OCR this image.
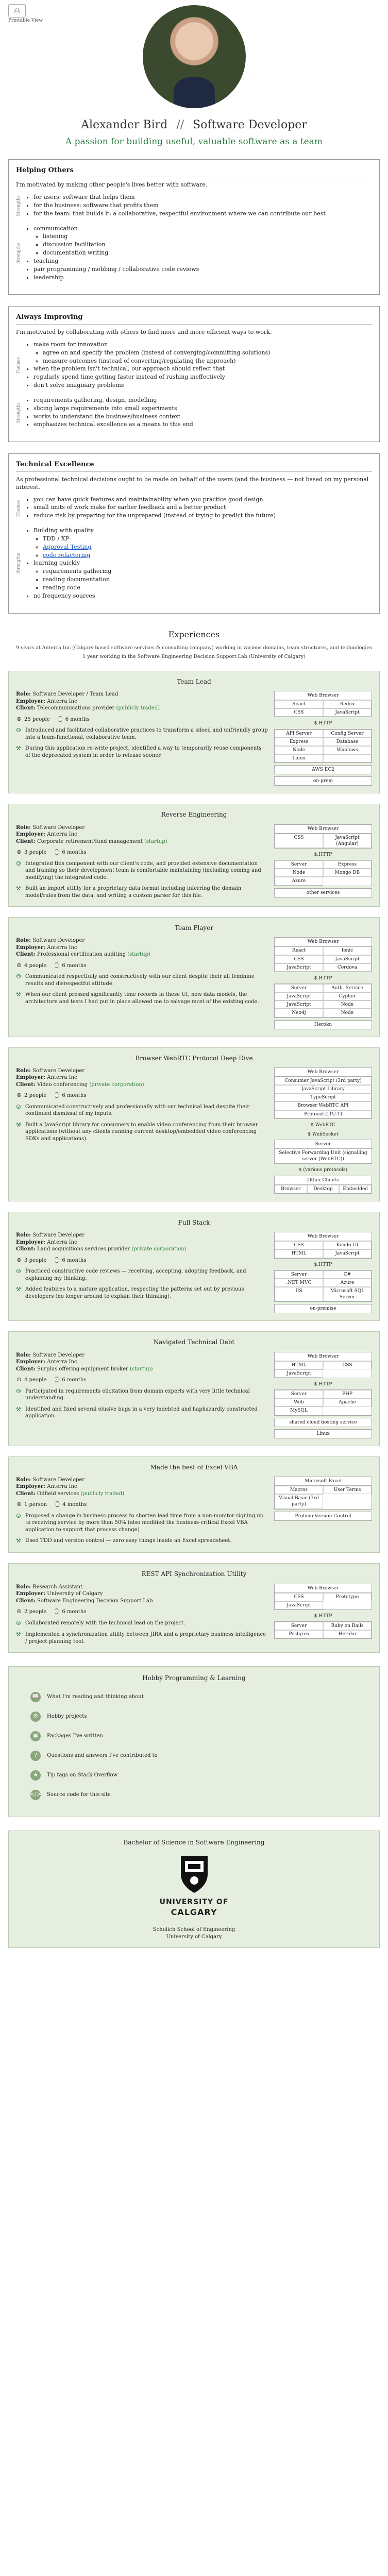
⎙
Printable View
Alexander Bird // Software Developer
A passion for building useful, valuable software as a team
Helping Others

I'm motivated by making other people's lives better with software.

Strengths
• for users: software that helps them
• for the business: software that profits them
• for the team: that builds it: a collaborative, respectful environment where we can contribute our best
Strengths
• communication
◦ listening
◦ discussion facilitation
◦ documentation writing
• teaching
• pair programming / mobbing / collaborative code reviews
• leadership
Always Improving

I'm motivated by collaborating with others to find more and more efficient ways to work.

Themes
• make room for innovation
◦ agree on and specify the problem (instead of converging/committing solutions)
◦ measure outcomes (instead of converting/regulating the approach)
• when the problem isn't technical, our approach should reflect that
• regularly spend time getting faster instead of rushing ineffectively
• don't solve imaginary problems
Strengths
• requirements gathering, design, modelling
• slicing large requirements into small experiments
• works to understand the business/business context
• emphasizes technical excellence as a means to this end
Technical Excellence

As professional technical decisions ought to be made on behalf of the users (and the business — not based on my personal interest.

Themes
• you can have quick features and maintainability when you practice good design
• small units of work make for earlier feedback and a better product
• reduce risk by preparing for the unprepared (instead of trying to predict the future)
Strengths
• Building with quality
◦ TDD / XP
◦ Approval Testing
◦ code refactoring
• learning quickly
◦ requirements gathering
◦ reading documentation
◦ reading code
• no frequency sources
Experiences
9 years at Anterra Inc (Calgary based software services & consulting company) working in various domains, team structures, and technologies
1 year working in the Software Engineering Decision Support Lab (University of Calgary)
Team Lead
Role: Software Developer / Team Lead
Employer: Anterra Inc
Client: Telecommunications provider (publicly traded)
☺ 25 people ⌚ 6 months
☺ Introduced and facilitated collaborative practices to transform a siloed and unfriendly group into a team-functional, collaborative team.
⚒ During this application re-write project, identified a way to temporarily reuse components of the deprecated system in order to release sooner.
Web Browser
React	Redux
CSS	JavaScript
$.HTTP
API Server	Config Server
Express	Database
Node	Windows
Linux
AWS EC2
on-prem
Reverse Engineering
Role: Software Developer
Employer: Anterra Inc
Client: Corporate retirement/fund management (startup)
☺ 3 people ⌚ 6 months
☺ Integrated this component with our client's code, and provided extensive documentation and training so their development team is comfortable maintaining (including coming and modifying) the integrated code.
⚒ Built an import utility for a proprietary data format including inferring the domain model/rules from the data, and writing a custom parser for this file.
Web Browser
CSS	JavaScript (Angular)
$.HTTP
Server	Express
Node	Mongo DB
Azure
other services
Team Player
Role: Software Developer
Employer: Anterra Inc
Client: Professional certification auditing (startup)
☺ 4 people ⌚ 6 months
☺ Communicated respectfully and constructively with our client despite their all feminine results and disrespectful attitude.
⚒ When our client pressed significantly time records in these UI, new data models, the architecture and tests I had put in place allowed me to salvage most of the existing code.
Web Browser
React	Ionic
CSS	JavaScript
JavaScript	Cordova
$.HTTP
Server	Auth. Service
JavaScript	Cypher
JavaScript	Node
Neo4j	Node
Heroku
Browser WebRTC Protocol Deep Dive
Role: Software Developer
Employer: Anterra Inc
Client: Video conferencing (private corporation)
☺ 2 people ⌚ 6 months
☺ Communicated constructively and professionally with our technical lead despite their continued dismissal of my inputs.
⚒ Built a JavaScript library for consumers to enable video conferencing from their browser applications (without any clients running current desktop/embedded video conferencing SDKs and applications).
Web Browser
Consumer JavaScript (3rd party)
JavaScript Library
TypeScript
Browser WebRTC API
Protocol (ITU-T)
$ WebRTC
$ WebSocket
Server
Selective Forwarding Unit (signalling server (WebRTC))
$ (various protocols)
Other Clients
Browser	Desktop	Embedded
Full Stack
Role: Software Developer
Employer: Anterra Inc
Client: Land acquisitions services provider (private corporation)
☺ 3 people ⌚ 6 months
☺ Practiced constructive code reviews — receiving, accepting, adopting feedback, and explaining my thinking.
⚒ Added features to a mature application, respecting the patterns set out by previous developers (no longer around to explain their thinking).
Web Browser
CSS	Kendo UI
HTML	JavaScript
$.HTTP
Server	C#
.NET MVC	Azure
IIS	Microsoft SQL Server
on-premise
Navigated Technical Debt
Role: Software Developer
Employer: Anterra Inc
Client: Surplus offering equipment broker (startup)
☺ 4 people ⌚ 6 months
☺ Participated in requirements elicitation from domain experts with very little technical understanding.
⚒ Identified and fixed several elusive bugs in a very indebted and haphazardly constructed application.
Web Browser
HTML	CSS
JavaScript
$.HTTP
Server	PHP
Web	Apache
MySQL
shared cloud hosting service
Linux
Made the best of Excel VBA
Role: Software Developer
Employer: Anterra Inc
Client: Oilfield services (publicly traded)
☺ 1 person ⌚ 4 months
☺ Proposed a change in business process to shorten lead time from a non-monitor signing up to receiving service by more than 50% (also modified the business-critical Excel VBA application to support that process change)
⚒ Used TDD and version control — zero easy things inside an Excel spreadsheet.
Microsoft Excel
Macros	User Terms
Visual Basic (3rd party)
Proficio Version Control
REST API Synchronization Utility
Role: Research Assistant
Employer: University of Calgary
Client: Software Engineering Decision Support Lab
☺ 2 people ⌚ 6 months
☺ Collaborated remotely with the technical lead on the project.
⚒ Implemented a synchronization utility between JIRA and a proprietary business intelligence / project planning tool.
Web Browser
CSS	Prototype
JavaScript
$.HTTP
Server	Ruby on Rails
Postgres	Heroku
Hobby Programming & Learning
📖	What I'm reading and thinking about
⚙	Hobby projects
▣	Packages I've written
?	Questions and answers I've contributed to
★	Tip tags on Stack Overflow
</> Source code for this site
Bachelor of Science in Software Engineering
UNIVERSITY OF
CALGARY
Schulich School of Engineering
University of Calgary
